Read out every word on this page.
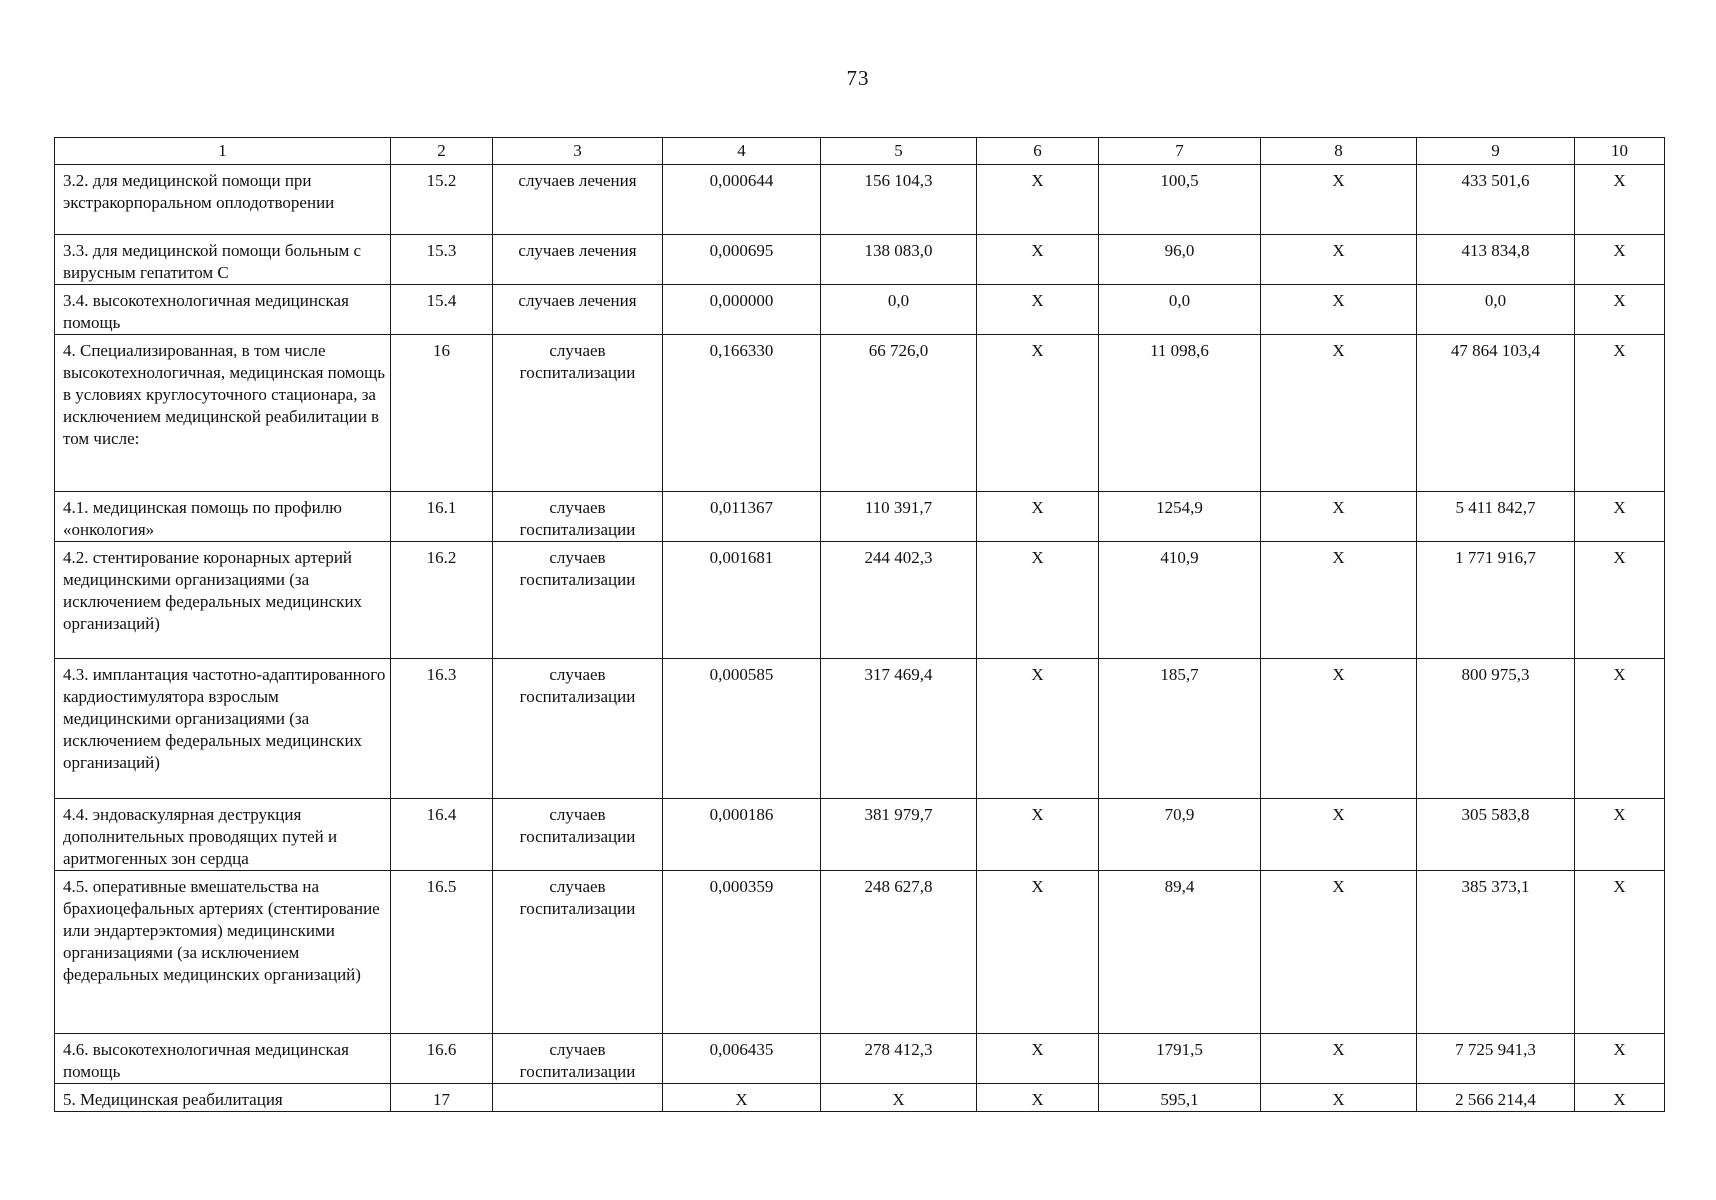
73
1	2	3	4	5	6	7	8	9	10
3.2. для медицинской помощи при экстракорпоральном оплодотворении	15.2	случаев лечения	0,000644	156 104,3	Х	100,5	Х	433 501,6	Х
3.3. для медицинской помощи больным с вирусным гепатитом С	15.3	случаев лечения	0,000695	138 083,0	Х	96,0	Х	413 834,8	Х
3.4. высокотехнологичная медицинская помощь	15.4	случаев лечения	0,000000	0,0	Х	0,0	Х	0,0	Х
4. Специализированная, в том числе высокотехнологичная, медицинская помощь в условиях круглосуточного стационара, за исключением медицинской реабилитации в том числе:	16	случаев госпитализации	0,166330	66 726,0	Х	11 098,6	Х	47 864 103,4	Х
4.1. медицинская помощь по профилю «онкология»	16.1	случаев госпитализации	0,011367	110 391,7	Х	1254,9	Х	5 411 842,7	Х
4.2. стентирование коронарных артерий медицинскими организациями (за исключением федеральных медицинских организаций)	16.2	случаев госпитализации	0,001681	244 402,3	Х	410,9	Х	1 771 916,7	Х
4.3. имплантация частотно-адаптированного кардиостимулятора взрослым медицинскими организациями (за исключением федеральных медицинских организаций)	16.3	случаев госпитализации	0,000585	317 469,4	Х	185,7	Х	800 975,3	Х
4.4. эндоваскулярная деструкция дополнительных проводящих путей и аритмогенных зон сердца	16.4	случаев госпитализации	0,000186	381 979,7	Х	70,9	Х	305 583,8	Х
4.5. оперативные вмешательства на брахиоцефальных артериях (стентирование или эндартерэктомия) медицинскими организациями (за исключением федеральных медицинских организаций)	16.5	случаев госпитализации	0,000359	248 627,8	Х	89,4	Х	385 373,1	Х
4.6. высокотехнологичная медицинская помощь	16.6	случаев госпитализации	0,006435	278 412,3	Х	1791,5	Х	7 725 941,3	Х
5. Медицинская реабилитация	17		Х	Х	Х	595,1	Х	2 566 214,4	Х
